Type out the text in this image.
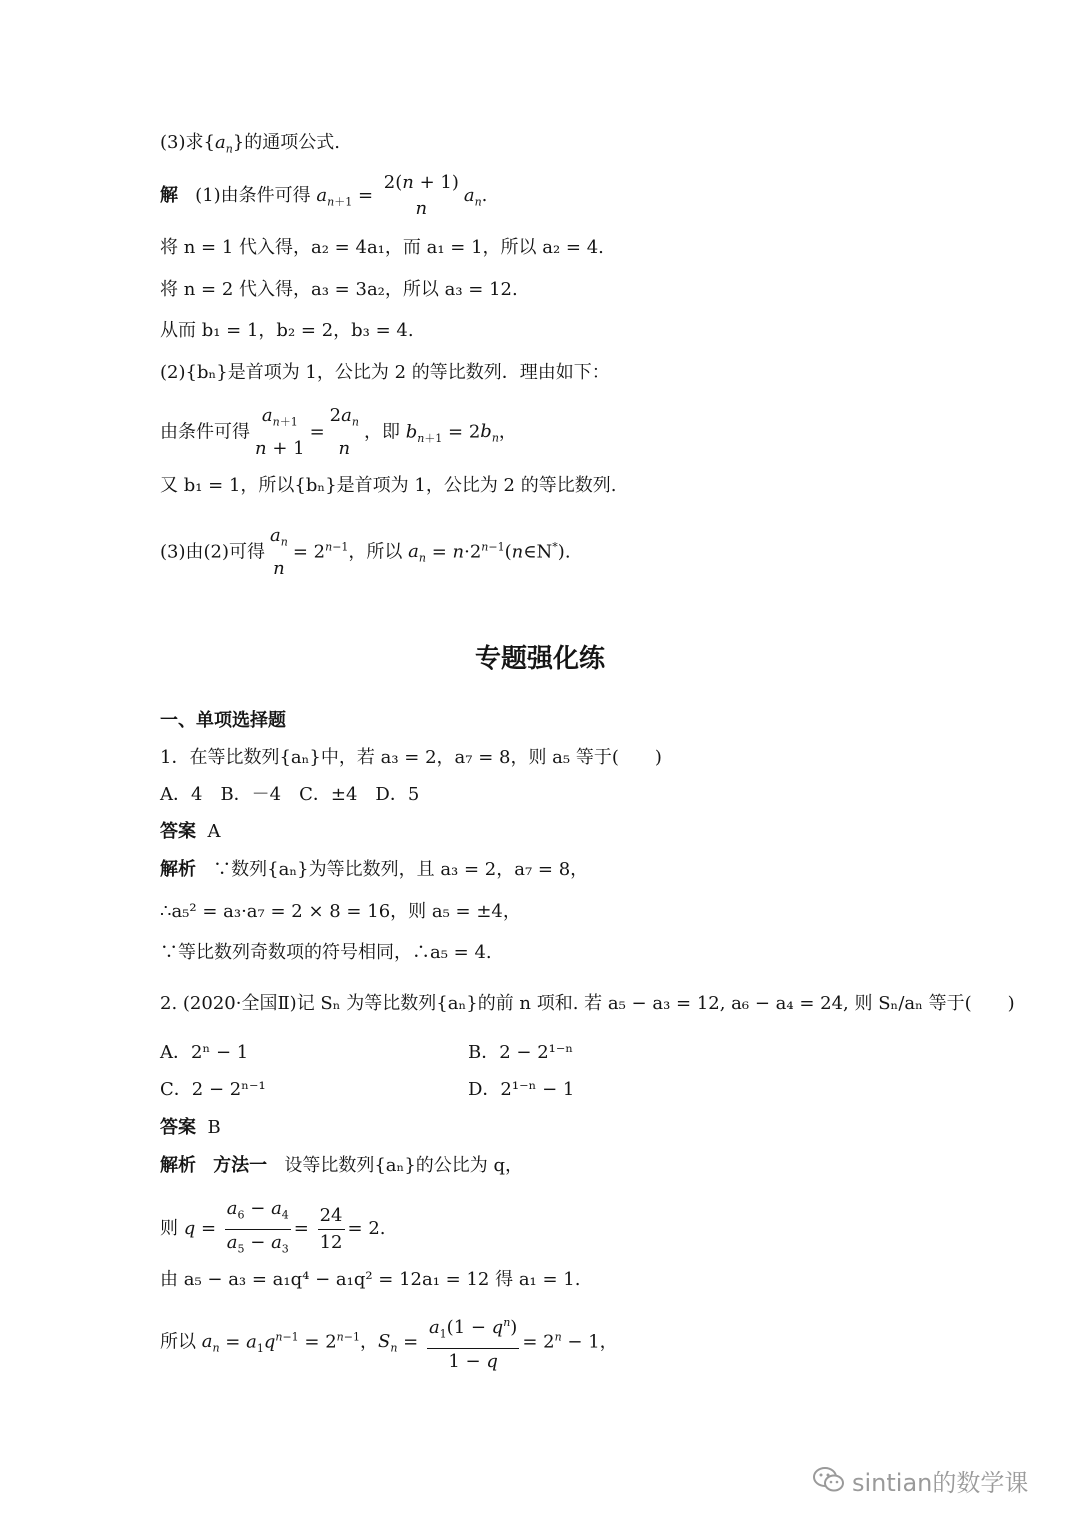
(3)求$\{a_n\}$的通项公式.
解   (1)由条件可得 $a_{n+1}$ =
2(n + 1)
n
$a_n$.
将 n = 1 代入得，a₂ = 4a₁，而 a₁ = 1，所以 a₂ = 4.
将 n = 2 代入得，a₃ = 3a₂，所以 a₃ = 12.
从而 b₁ = 1，b₂ = 2，b₃ = 4.
(2){bₙ}是首项为 1，公比为 2 的等比数列．理由如下：
由条件可得
$a_{n+1}$
n + 1
=
$2a_n$
n
，即 $b_{n+1} = 2b_n$，
又 b₁ = 1，所以{bₙ}是首项为 1，公比为 2 的等比数列.
(3)由(2)可得
$a_n$
n
= $2^{n-1}$，所以 $a_n$ = $n\cdot 2^{n-1}(n\in N^*)$.
专题强化练
一、单项选择题
1．在等比数列{aₙ}中，若 a₃ = 2，a₇ = 8，则 a₅ 等于(　　)
A．4　B．－4　C．±4　D．5
答案 A
解析 ∵数列{aₙ}为等比数列，且 a₃ = 2，a₇ = 8，
∴a₅² = a₃·a₇ = 2 × 8 = 16，则 a₅ = ±4，
∵等比数列奇数项的符号相同，∴a₅ = 4.
2. (2020·全国Ⅱ)记 Sₙ 为等比数列{aₙ}的前 n 项和. 若 a₅ − a₃ = 12, a₆ − a₄ = 24, 则 Sₙ/aₙ 等于(　　)
A．2ⁿ − 1	B．2 − 2¹⁻ⁿ
C．2 − 2ⁿ⁻¹	D．2¹⁻ⁿ − 1
答案 B
解析 方法一 设等比数列{aₙ}的公比为 q，
则 $q = \frac{a_6 - a_4}{a_5 - a_3} = \frac{24}{12} = 2$.
由 a₅ − a₃ = a₁q⁴ − a₁q² = 12a₁ = 12 得 a₁ = 1.
所以 $a_n = a_1q^{n-1} = 2^{n-1}$，$S_n = \frac{a_1(1 - q^n)}{1 - q} = 2^n - 1$，
sintian的数学课
